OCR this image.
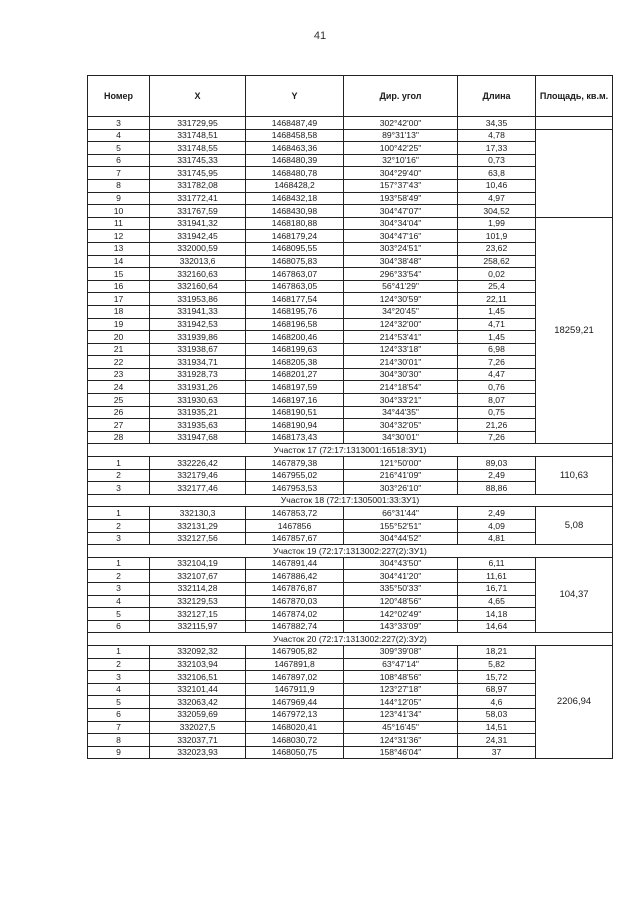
41
Номер	X	Y	Дир. угол	Длина	Площадь, кв.м.
3	331729,95	1468487,49	302°42'00"	34,35	
4	331748,51	1468458,58	89°31'13"	4,78	
5	331748,55	1468463,36	100°42'25"	17,33	
6	331745,33	1468480,39	32°10'16"	0,73	
7	331745,95	1468480,78	304°29'40"	63,8	
8	331782,08	1468428,2	157°37'43"	10,46	
9	331772,41	1468432,18	193°58'49"	4,97	
10	331767,59	1468430,98	304°47'07"	304,52	
11	331941,32	1468180,88	304°34'04"	1,99	18259,21
12	331942,45	1468179,24	304°47'16"	101,9	
13	332000,59	1468095,55	303°24'51"	23,62	
14	332013,6	1468075,83	304°38'48"	258,62	
15	332160,63	1467863,07	296°33'54"	0,02	
16	332160,64	1467863,05	56°41'29"	25,4	
17	331953,86	1468177,54	124°30'59"	22,11	
18	331941,33	1468195,76	34°20'45"	1,45	
19	331942,53	1468196,58	124°32'00"	4,71	
20	331939,86	1468200,46	214°53'41"	1,45	
21	331938,67	1468199,63	124°33'18"	6,98	
22	331934,71	1468205,38	214°30'01"	7,26	
23	331928,73	1468201,27	304°30'30"	4,47	
24	331931,26	1468197,59	214°18'54"	0,76	
25	331930,63	1468197,16	304°33'21"	8,07	
26	331935,21	1468190,51	34°44'35"	0,75	
27	331935,63	1468190,94	304°32'05"	21,26	
28	331947,68	1468173,43	34°30'01"	7,26	
Участок 17 (72:17:1313001:16518:ЗУ1)					
1	332226,42	1467879,38	121°50'00"	89,03	110,63
2	332179,46	1467955,02	216°41'09"	2,49	
3	332177,46	1467953,53	303°26'10"	88,86	
Участок 18 (72:17:1305001:33:ЗУ1)					
1	332130,3	1467853,72	66°31'44"	2,49	5,08
2	332131,29	1467856	155°52'51"	4,09	
3	332127,56	1467857,67	304°44'52"	4,81	
Участок 19 (72:17:1313002:227(2):ЗУ1)					
1	332104,19	1467891,44	304°43'50"	6,11	104,37
2	332107,67	1467886,42	304°41'20"	11,61	
3	332114,28	1467876,87	335°50'33"	16,71	
4	332129,53	1467870,03	120°48'56"	4,65	
5	332127,15	1467874,02	142°02'49"	14,18	
6	332115,97	1467882,74	143°33'09"	14,64	
Участок 20 (72:17:1313002:227(2):ЗУ2)					
1	332092,32	1467905,82	309°39'08"	18,21	2206,94
2	332103,94	1467891,8	63°47'14"	5,82	
3	332106,51	1467897,02	108°48'56"	15,72	
4	332101,44	1467911,9	123°27'18"	68,97	
5	332063,42	1467969,44	144°12'05"	4,6	
6	332059,69	1467972,13	123°41'34"	58,03	
7	332027,5	1468020,41	45°16'45"	14,51	
8	332037,71	1468030,72	124°31'36"	24,31	
9	332023,93	1468050,75	158°46'04"	37	
